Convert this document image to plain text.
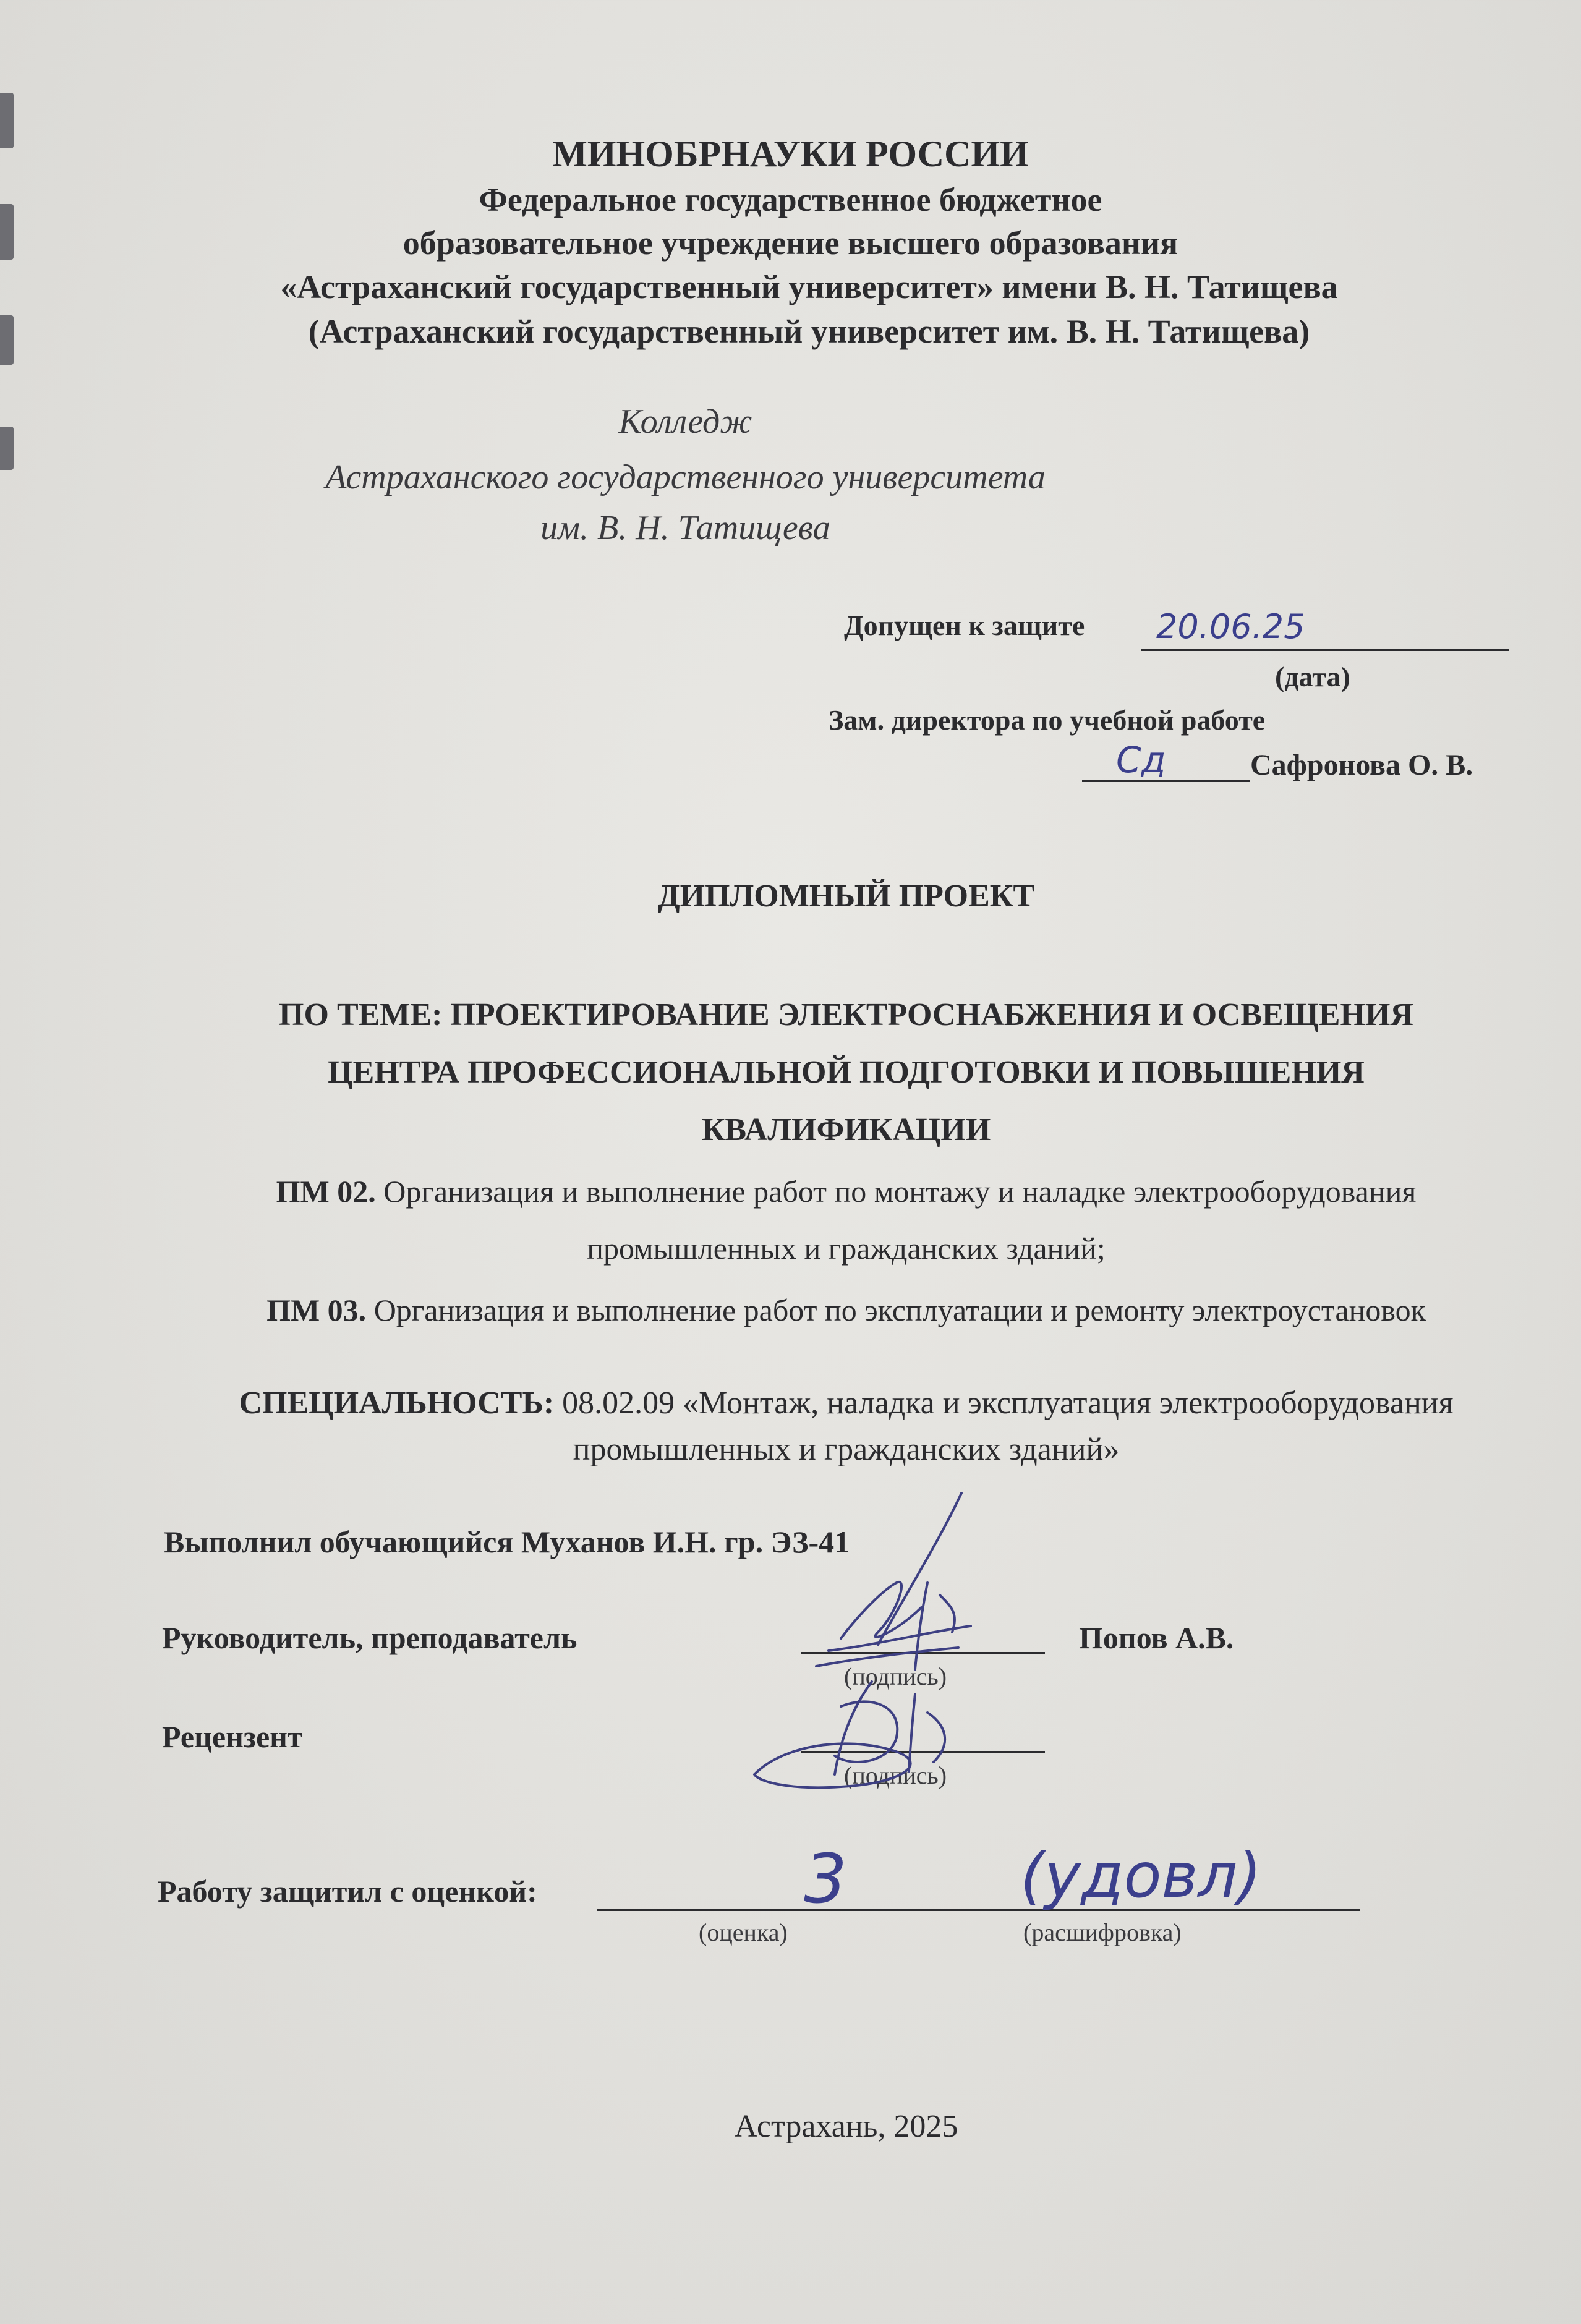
МИНОБРНАУКИ РОССИИ
Федеральное государственное бюджетное
образовательное учреждение высшего образования
«Астраханский государственный университет» имени В. Н. Татищева
(Астраханский государственный университет им. В. Н. Татищева)
Колледж
Астраханского государственного университета
им. В. Н. Татищева
Допущен к защите 20.06.25
(дата)
Зам. директора по учебной работе
Сд	Сафронова О. В.
ДИПЛОМНЫЙ ПРОЕКТ
ПО ТЕМЕ: ПРОЕКТИРОВАНИЕ ЭЛЕКТРОСНАБЖЕНИЯ И ОСВЕЩЕНИЯ
ЦЕНТРА ПРОФЕССИОНАЛЬНОЙ ПОДГОТОВКИ И ПОВЫШЕНИЯ
КВАЛИФИКАЦИИ
ПМ 02. Организация и выполнение работ по монтажу и наладке электрооборудования
промышленных и гражданских зданий;
ПМ 03. Организация и выполнение работ по эксплуатации и ремонту электроустановок
СПЕЦИАЛЬНОСТЬ: 08.02.09 «Монтаж, наладка и эксплуатация электрооборудования
промышленных и гражданских зданий»
Выполнил обучающийся Муханов И.Н. гр. ЭЗ-41
Руководитель, преподаватель	Попов А.В.
(подпись)
Рецензент
(подпись)
Работу защитил с оценкой:	3	(удовл)
(оценка)	(расшифровка)
Астрахань, 2025
